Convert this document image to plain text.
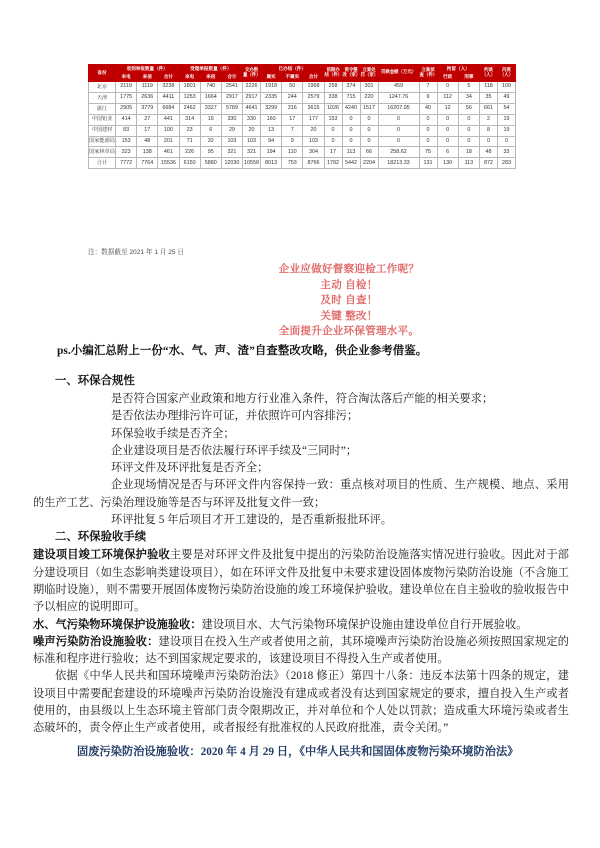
省份	收到举报数量（件）			受理举报数量（件）			交办数量（件）	已办结（件）			前期办结（件）	责令整改（家）	立案处罚（家）	罚款金额（万元）	立案侦查（件）	拘留（人）		约谈（人）	问责（人）
	来电	来信	合计	来电	来信	合计		属实	不属实	合计						行政	刑事		
北京	2119	1119	3238	1801	740	2541	2226	1918	50	1968	258	374	301	459	7	0	5	118	109
天津	1775	2636	4411	1253	1664	2917	2917	2335	244	2579	338	715	220	1247.76	9	112	34	35	49
浙江	2905	3779	6684	2462	3327	5789	4641	3299	316	3615	1026	4240	1517	16207.95	40	12	56	661	54
中国铝业	414	27	441	314	16	330	330	160	17	177	153	0	0	0	0	0	0	2	19
中国建材	83	17	100	23	6	29	20	13	7	20	0	0	0	0	0	0	0	8	19
国家能源局	153	48	201	71	32	103	103	94	9	103	0	0	0	0	0	0	0	0	0
国家林草局	323	138	461	226	95	321	321	194	110	304	17	113	66	258.62	75	6	18	48	33
合计	7772	7764	15536	6150	5880	12030	10558	8013	753	8766	1792	5442	2204	18213.33	131	130	113	872	283
注：数据截至 2021 年 1 月 25 日
企业应做好督察迎检工作呢？
主动 自检！
及时 自查！
关键 整改！
全面提升企业环保管理水平。

ps.小编汇总附上一份“水、气、声、渣”自查整改攻略，供企业参考借鉴。

一、环保合规性

是否符合国家产业政策和地方行业准入条件，符合淘汰落后产能的相关要求；

是否依法办理排污许可证，并依照许可内容排污；

环保验收手续是否齐全；

企业建设项目是否依法履行环评手续及“三同时”；

环评文件及环评批复是否齐全；

企业现场情况是否与环评文件内容保持一致：重点核对项目的性质、生产规模、地点、采用的生产工艺、污染治理设施等是否与环评及批复文件一致；

环评批复 5 年后项目才开工建设的，是否重新报批环评。

二、环保验收手续

建设项目竣工环境保护验收主要是对环评文件及批复中提出的污染防治设施落实情况进行验收。因此对于部分建设项目（如生态影响类建设项目），如在环评文件及批复中未要求建设固体废物污染防治设施（不含施工期临时设施），则不需要开展固体废物污染防治设施的竣工环境保护验收。建设单位在自主验收的验收报告中予以相应的说明即可。

水、气污染物环境保护设施验收：建设项目水、大气污染物环境保护设施由建设单位自行开展验收。

噪声污染防治设施验收：建设项目在投入生产或者使用之前，其环境噪声污染防治设施必须按照国家规定的标准和程序进行验收；达不到国家规定要求的，该建设项目不得投入生产或者使用。

依据《中华人民共和国环境噪声污染防治法》（2018 修正）第四十八条：违反本法第十四条的规定，建设项目中需要配套建设的环境噪声污染防治设施没有建成或者没有达到国家规定的要求，擅自投入生产或者使用的，由县级以上生态环境主管部门责令限期改正，并对单位和个人处以罚款；造成重大环境污染或者生态破坏的，责令停止生产或者使用，或者报经有批准权的人民政府批准，责令关闭。”

固废污染防治设施验收：2020 年 4 月 29 日，《中华人民共和国固体废物污染环境防治法》
